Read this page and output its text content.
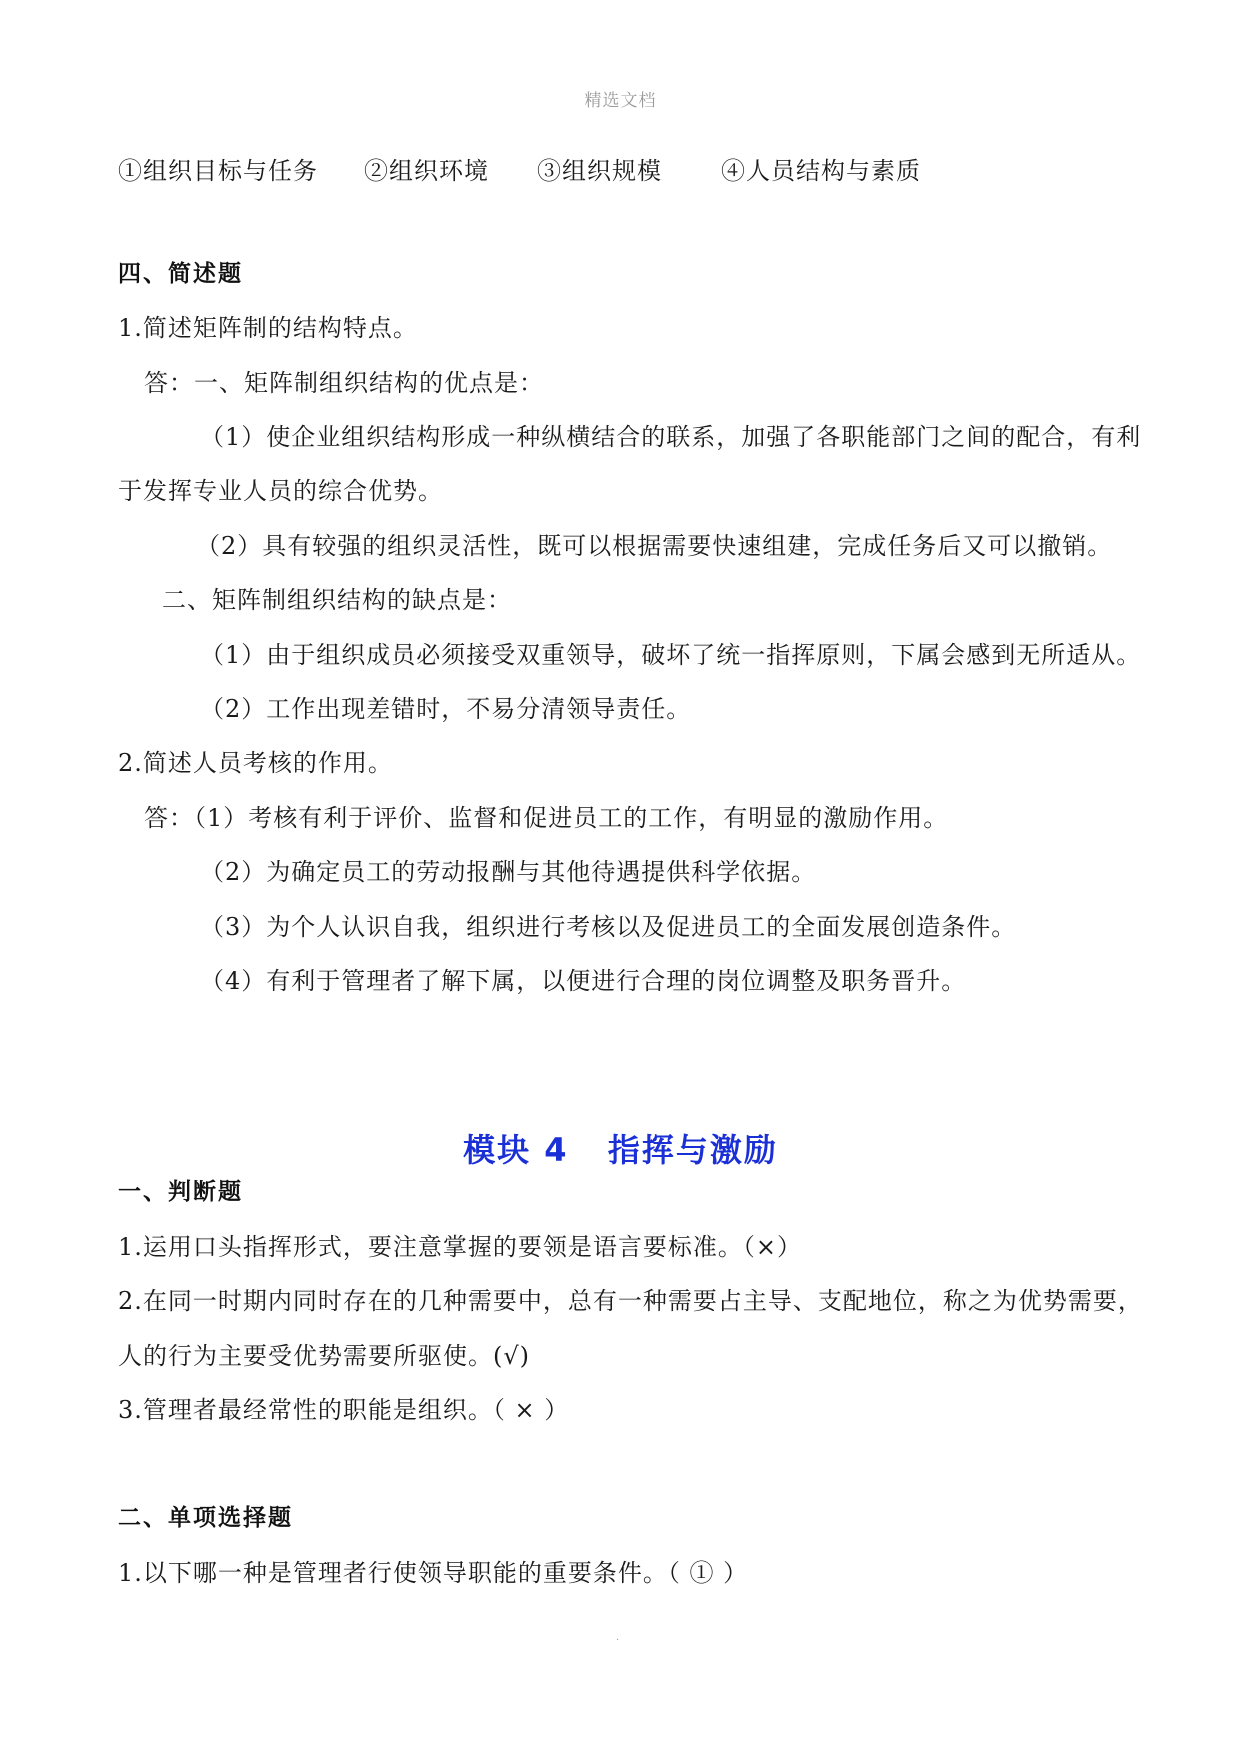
精选文档
①组织目标与任务 ②组织环境 ③组织规模 ④人员结构与素质
四、简述题
1.简述矩阵制的结构特点。
答：一、矩阵制组织结构的优点是：
（1）使企业组织结构形成一种纵横结合的联系，加强了各职能部门之间的配合，有利
于发挥专业人员的综合优势。
（2）具有较强的组织灵活性，既可以根据需要快速组建，完成任务后又可以撤销。
二、矩阵制组织结构的缺点是：
（1）由于组织成员必须接受双重领导，破坏了统一指挥原则，下属会感到无所适从。
（2）工作出现差错时，不易分清领导责任。
2.简述人员考核的作用。
答：（1）考核有利于评价、监督和促进员工的工作，有明显的激励作用。
（2）为确定员工的劳动报酬与其他待遇提供科学依据。
（3）为个人认识自我，组织进行考核以及促进员工的全面发展创造条件。
（4）有利于管理者了解下属，以便进行合理的岗位调整及职务晋升。
模块 4 指挥与激励
一、判断题
1.运用口头指挥形式，要注意掌握的要领是语言要标准。（×）
2.在同一时期内同时存在的几种需要中，总有一种需要占主导、支配地位，称之为优势需要，
人的行为主要受优势需要所驱使。(√)
3.管理者最经常性的职能是组织。（ × ）
二、单项选择题
1.以下哪一种是管理者行使领导职能的重要条件。（ ① ）
.
